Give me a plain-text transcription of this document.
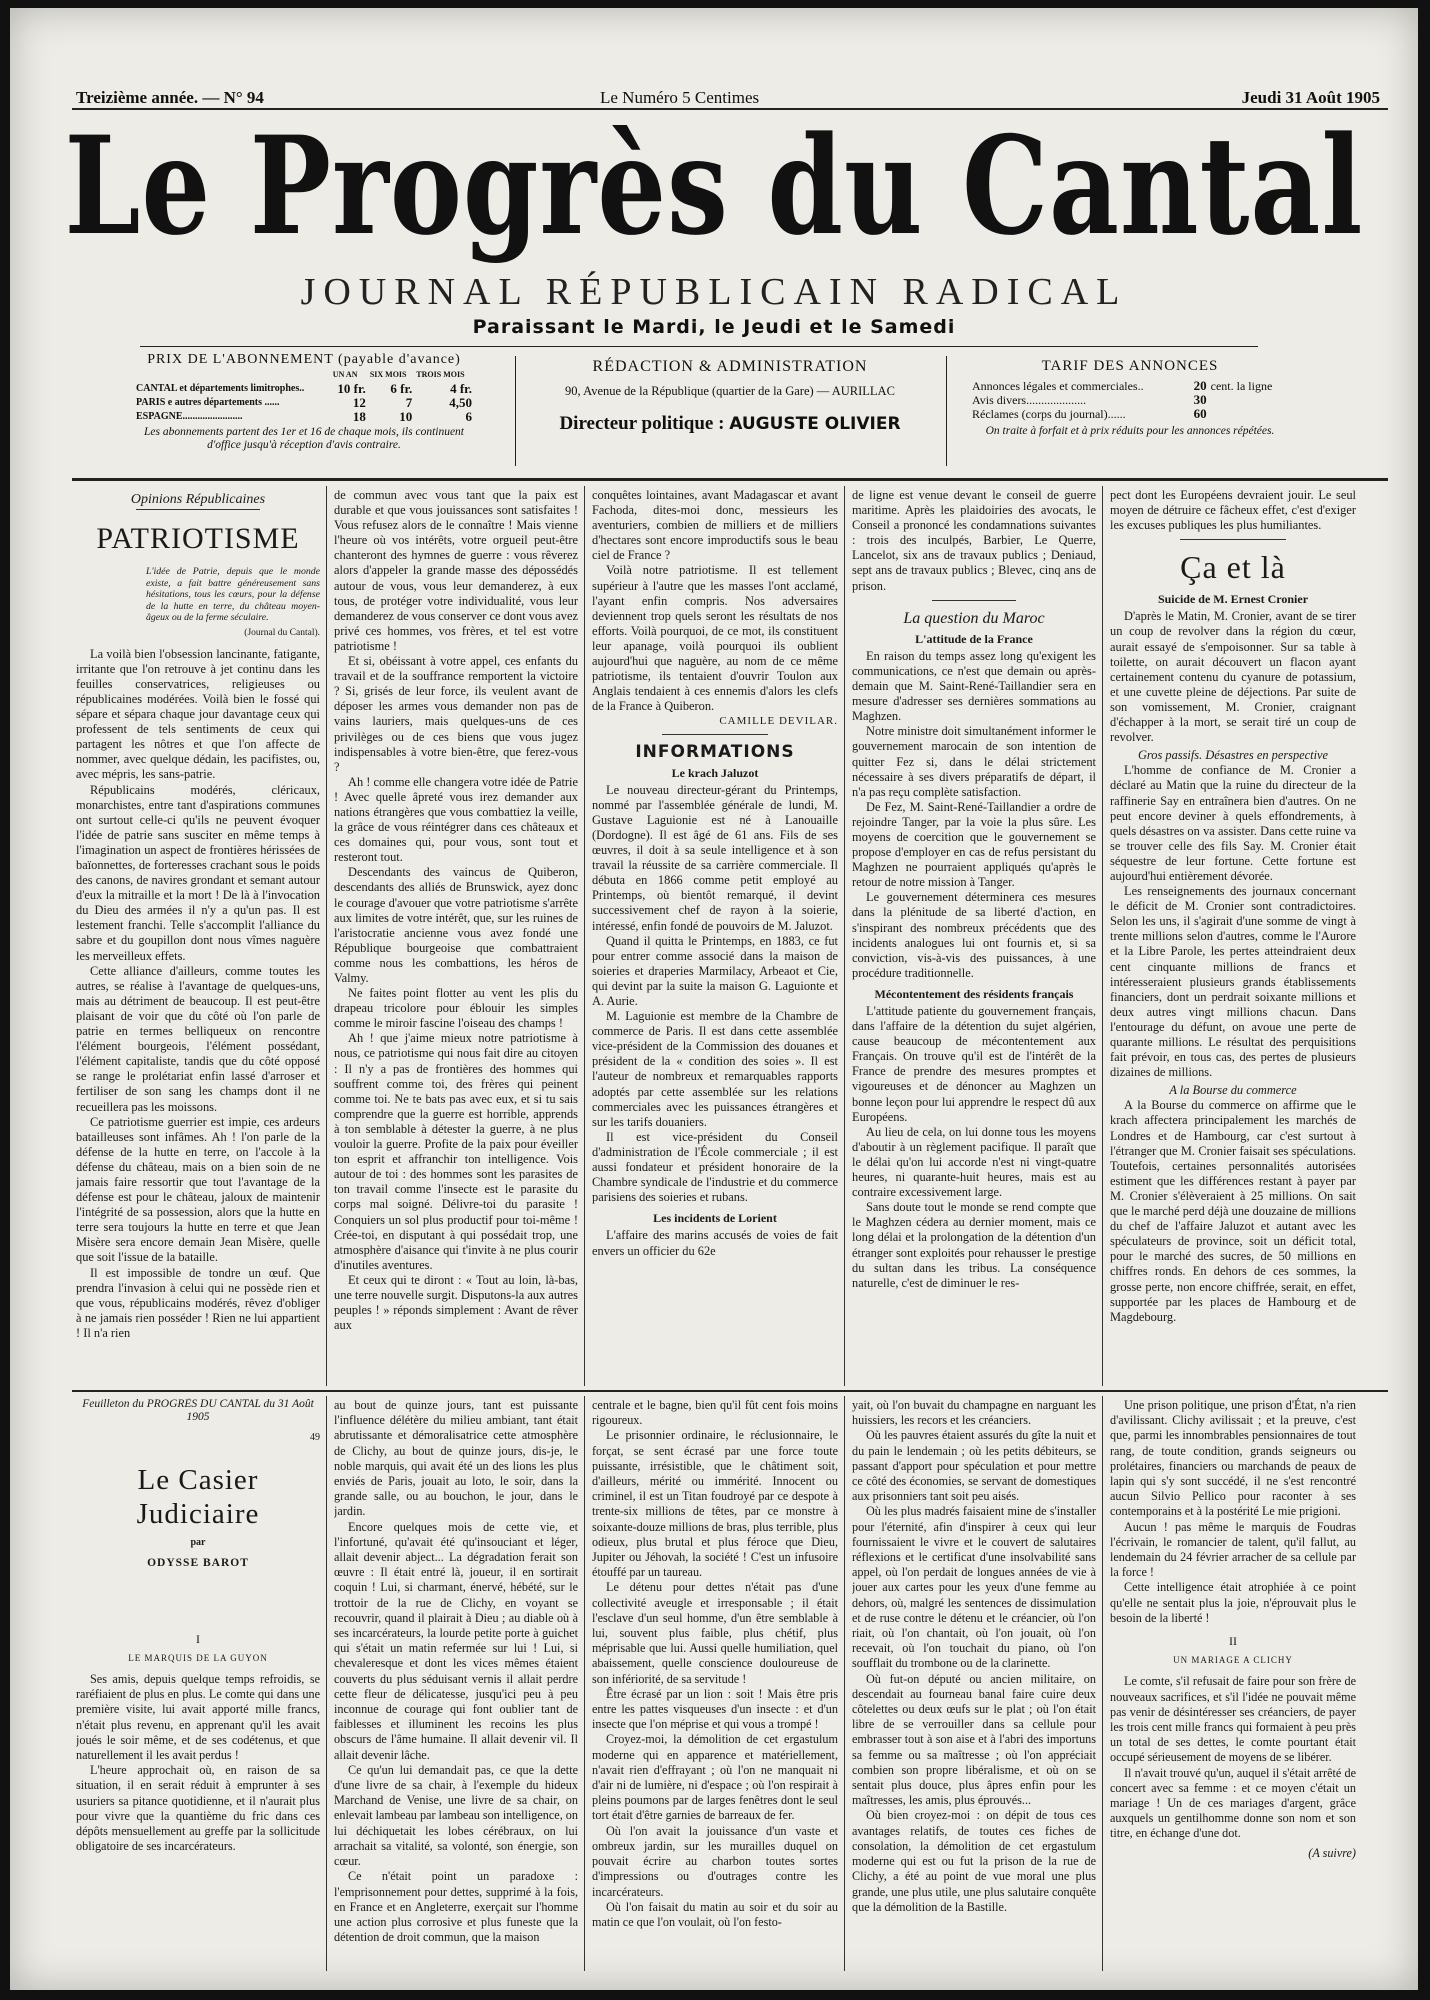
Treizième année. — N° 94	Le Numéro 5 Centimes	Jeudi 31 Août 1905
Le Progrès du Cantal
JOURNAL RÉPUBLICAIN RADICAL
Paraissant le Mardi, le Jeudi et le Samedi
PRIX DE L'ABONNEMENT (payable d'avance)
	UN AN	SIX MOIS	TROIS MOIS
CANTAL et départements limitrophes..	10 fr.	6 fr.	4 fr.
PARIS e autres départements ......	12	7	4,50
ESPAGNE........................	18	10	6
Les abonnements partent des 1er et 16 de chaque mois, ils continuent d'office jusqu'à réception d'avis contraire.
RÉDACTION & ADMINISTRATION
90, Avenue de la République (quartier de la Gare) — AURILLAC
Directeur politique : AUGUSTE OLIVIER
TARIF DES ANNONCES
Annonces légales et commerciales..	20	cent. la ligne
Avis divers....................	30	
Réclames (corps du journal)......	60	
On traite à forfait et à prix réduits pour les annonces répétées.
Opinions Républicaines
PATRIOTISME
L'idée de Patrie, depuis que le monde existe, a fait battre généreusement sans hésitations, tous les cœurs, pour la défense de la hutte en terre, du château moyen-âgeux ou de la ferme séculaire.
(Journal du Cantal).

La voilà bien l'obsession lancinante, fatigante, irritante que l'on retrouve à jet continu dans les feuilles conservatrices, religieuses ou républicaines modérées. Voilà bien le fossé qui sépare et sépara chaque jour davantage ceux qui professent de tels sentiments de ceux qui partagent les nôtres et que l'on affecte de nommer, avec quelque dédain, les pacifistes, ou, avec mépris, les sans-patrie.

Républicains modérés, cléricaux, monarchistes, entre tant d'aspirations communes ont surtout celle-ci qu'ils ne peuvent évoquer l'idée de patrie sans susciter en même temps à l'imagination un aspect de frontières hérissées de baïonnettes, de forteresses crachant sous le poids des canons, de navires grondant et semant autour d'eux la mitraille et la mort ! De là à l'invocation du Dieu des armées il n'y a qu'un pas. Il est lestement franchi. Telle s'accomplit l'alliance du sabre et du goupillon dont nous vîmes naguère les merveilleux effets.

Cette alliance d'ailleurs, comme toutes les autres, se réalise à l'avantage de quelques-uns, mais au détriment de beaucoup. Il est peut-être plaisant de voir que du côté où l'on parle de patrie en termes belliqueux on rencontre l'élément bourgeois, l'élément possédant, l'élément capitaliste, tandis que du côté opposé se range le prolétariat enfin lassé d'arroser et fertiliser de son sang les champs dont il ne recueillera pas les moissons.

Ce patriotisme guerrier est impie, ces ardeurs batailleuses sont infâmes. Ah ! l'on parle de la défense de la hutte en terre, on l'accole à la défense du château, mais on a bien soin de ne jamais faire ressortir que tout l'avantage de la défense est pour le château, jaloux de maintenir l'intégrité de sa possession, alors que la hutte en terre sera toujours la hutte en terre et que Jean Misère sera encore demain Jean Misère, quelle que soit l'issue de la bataille.

Il est impossible de tondre un œuf. Que prendra l'invasion à celui qui ne possède rien et que vous, républicains modérés, rêvez d'obliger à ne jamais rien posséder ! Rien ne lui appartient ! Il n'a rien

de commun avec vous tant que la paix est durable et que vous jouissances sont satisfaites ! Vous refusez alors de le connaître ! Mais vienne l'heure où vos intérêts, votre orgueil peut-être chanteront des hymnes de guerre : vous rêverez alors d'appeler la grande masse des dépossédés autour de vous, vous leur demanderez, à eux tous, de protéger votre individualité, vous leur demanderez de vous conserver ce dont vous avez privé ces hommes, vos frères, et tel est votre patriotisme !

Et si, obéissant à votre appel, ces enfants du travail et de la souffrance remportent la victoire ? Si, grisés de leur force, ils veulent avant de déposer les armes vous demander non pas de vains lauriers, mais quelques-uns de ces privilèges ou de ces biens que vous jugez indispensables à votre bien-être, que ferez-vous ?

Ah ! comme elle changera votre idée de Patrie ! Avec quelle âpreté vous irez demander aux nations étrangères que vous combattiez la veille, la grâce de vous réintégrer dans ces châteaux et ces domaines qui, pour vous, sont tout et resteront tout.

Descendants des vaincus de Quiberon, descendants des alliés de Brunswick, ayez donc le courage d'avouer que votre patriotisme s'arrête aux limites de votre intérêt, que, sur les ruines de l'aristocratie ancienne vous avez fondé une République bourgeoise que combattraient comme nous les combattions, les héros de Valmy.

Ne faites point flotter au vent les plis du drapeau tricolore pour éblouir les simples comme le miroir fascine l'oiseau des champs !

Ah ! que j'aime mieux notre patriotisme à nous, ce patriotisme qui nous fait dire au citoyen : Il n'y a pas de frontières des hommes qui souffrent comme toi, des frères qui peinent comme toi. Ne te bats pas avec eux, et si tu sais comprendre que la guerre est horrible, apprends à ton semblable à détester la guerre, à ne plus vouloir la guerre. Profite de la paix pour éveiller ton esprit et affranchir ton intelligence. Vois autour de toi : des hommes sont les parasites de ton travail comme l'insecte est le parasite du corps mal soigné. Délivre-toi du parasite ! Conquiers un sol plus productif pour toi-même ! Crée-toi, en disputant à qui possédait trop, une atmosphère d'aisance qui t'invite à ne plus courir d'inutiles aventures.

Et ceux qui te diront : « Tout au loin, là-bas, une terre nouvelle surgit. Disputons-la aux autres peuples ! » réponds simplement : Avant de rêver aux

conquêtes lointaines, avant Madagascar et avant Fachoda, dites-moi donc, messieurs les aventuriers, combien de milliers et de milliers d'hectares sont encore improductifs sous le beau ciel de France ?

Voilà notre patriotisme. Il est tellement supérieur à l'autre que les masses l'ont acclamé, l'ayant enfin compris. Nos adversaires deviennent trop quels seront les résultats de nos efforts. Voilà pourquoi, de ce mot, ils constituent leur apanage, voilà pourquoi ils oublient aujourd'hui que naguère, au nom de ce même patriotisme, ils tentaient d'ouvrir Toulon aux Anglais tendaient à ces ennemis d'alors les clefs de la France à Quiberon.

CAMILLE DEVILAR.
INFORMATIONS
Le krach Jaluzot

Le nouveau directeur-gérant du Printemps, nommé par l'assemblée générale de lundi, M. Gustave Laguionie est né à Lanouaille (Dordogne). Il est âgé de 61 ans. Fils de ses œuvres, il doit à sa seule intelligence et à son travail la réussite de sa carrière commerciale. Il débuta en 1866 comme petit employé au Printemps, où bientôt remarqué, il devint successivement chef de rayon à la soierie, intéressé, enfin fondé de pouvoirs de M. Jaluzot.

Quand il quitta le Printemps, en 1883, ce fut pour entrer comme associé dans la maison de soieries et draperies Marmilacy, Arbeaot et Cie, qui devint par la suite la maison G. Laguionte et A. Aurie.

M. Laguionie est membre de la Chambre de commerce de Paris. Il est dans cette assemblée vice-président de la Commission des douanes et président de la « condition des soies ». Il est l'auteur de nombreux et remarquables rapports adoptés par cette assemblée sur les relations commerciales avec les puissances étrangères et sur les tarifs douaniers.

Il est vice-président du Conseil d'administration de l'École commerciale ; il est aussi fondateur et président honoraire de la Chambre syndicale de l'industrie et du commerce parisiens des soieries et rubans.

Les incidents de Lorient

L'affaire des marins accusés de voies de fait envers un officier du 62e

de ligne est venue devant le conseil de guerre maritime. Après les plaidoiries des avocats, le Conseil a prononcé les condamnations suivantes : trois des inculpés, Barbier, Le Querre, Lancelot, six ans de travaux publics ; Deniaud, sept ans de travaux publics ; Blevec, cinq ans de prison.

La question du Maroc
L'attitude de la France

En raison du temps assez long qu'exigent les communications, ce n'est que demain ou après-demain que M. Saint-René-Taillandier sera en mesure d'adresser ses dernières sommations au Maghzen.

Notre ministre doit simultanément informer le gouvernement marocain de son intention de quitter Fez si, dans le délai strictement nécessaire à ses divers préparatifs de départ, il n'a pas reçu complète satisfaction.

De Fez, M. Saint-René-Taillandier a ordre de rejoindre Tanger, par la voie la plus sûre. Les moyens de coercition que le gouvernement se propose d'employer en cas de refus persistant du Maghzen ne pourraient appliqués qu'après le retour de notre mission à Tanger.

Le gouvernement déterminera ces mesures dans la plénitude de sa liberté d'action, en s'inspirant des nombreux précédents que des incidents analogues lui ont fournis et, si sa conviction, vis-à-vis des puissances, à une procédure traditionnelle.

Mécontentement des résidents français

L'attitude patiente du gouvernement français, dans l'affaire de la détention du sujet algérien, cause beaucoup de mécontentement aux Français. On trouve qu'il est de l'intérêt de la France de prendre des mesures promptes et vigoureuses et de dénoncer au Maghzen un bonne leçon pour lui apprendre le respect dû aux Européens.

Au lieu de cela, on lui donne tous les moyens d'aboutir à un règlement pacifique. Il paraît que le délai qu'on lui accorde n'est ni vingt-quatre heures, ni quarante-huit heures, mais est au contraire excessivement large.

Sans doute tout le monde se rend compte que le Maghzen cédera au dernier moment, mais ce long délai et la prolongation de la détention d'un étranger sont exploités pour rehausser le prestige du sultan dans les tribus. La conséquence naturelle, c'est de diminuer le res-

pect dont les Européens devraient jouir. Le seul moyen de détruire ce fâcheux effet, c'est d'exiger les excuses publiques les plus humiliantes.

Ça et là
Suicide de M. Ernest Cronier

D'après le Matin, M. Cronier, avant de se tirer un coup de revolver dans la région du cœur, aurait essayé de s'empoisonner. Sur sa table à toilette, on aurait découvert un flacon ayant certainement contenu du cyanure de potassium, et une cuvette pleine de déjections. Par suite de son vomissement, M. Cronier, craignant d'échapper à la mort, se serait tiré un coup de revolver.

Gros passifs. Désastres en perspective

L'homme de confiance de M. Cronier a déclaré au Matin que la ruine du directeur de la raffinerie Say en entraînera bien d'autres. On ne peut encore deviner à quels effondrements, à quels désastres on va assister. Dans cette ruine va se trouver celle des fils Say. M. Cronier était séquestre de leur fortune. Cette fortune est aujourd'hui entièrement dévorée.

Les renseignements des journaux concernant le déficit de M. Cronier sont contradictoires. Selon les uns, il s'agirait d'une somme de vingt à trente millions selon d'autres, comme le l'Aurore et la Libre Parole, les pertes atteindraient deux cent cinquante millions de francs et intéresseraient plusieurs grands établissements financiers, dont un perdrait soixante millions et deux autres vingt millions chacun. Dans l'entourage du défunt, on avoue une perte de quarante millions. Le résultat des perquisitions fait prévoir, en tous cas, des pertes de plusieurs dizaines de millions.

A la Bourse du commerce

A la Bourse du commerce on affirme que le krach affectera principalement les marchés de Londres et de Hambourg, car c'est surtout à l'étranger que M. Cronier faisait ses spéculations. Toutefois, certaines personnalités autorisées estiment que les différences restant à payer par M. Cronier s'élèveraient à 25 millions. On sait que le marché perd déjà une douzaine de millions du chef de l'affaire Jaluzot et autant avec les spéculateurs de province, soit un déficit total, pour le marché des sucres, de 50 millions en chiffres ronds. En dehors de ces sommes, la grosse perte, non encore chiffrée, serait, en effet, supportée par les places de Hambourg et de Magdebourg.

Feuilleton du PROGRÈS DU CANTAL du 31 Août 1905
49
Le Casier Judiciaire
par
ODYSSE BAROT
I
LE MARQUIS DE LA GUYON

Ses amis, depuis quelque temps refroidis, se raréfiaient de plus en plus. Le comte qui dans une première visite, lui avait apporté mille francs, n'était plus revenu, en apprenant qu'il les avait joués le soir même, et de ses codétenus, et que naturellement il les avait perdus !

L'heure approchait où, en raison de sa situation, il en serait réduit à emprunter à ses usuriers sa pitance quotidienne, et il n'aurait plus pour vivre que la quantième du fric dans ces dépôts mensuellement au greffe par la sollicitude obligatoire de ses incarcérateurs.

au bout de quinze jours, tant est puissante l'influence délétère du milieu ambiant, tant était abrutissante et démoralisatrice cette atmosphère de Clichy, au bout de quinze jours, dis-je, le noble marquis, qui avait été un des lions les plus enviés de Paris, jouait au loto, le soir, dans la grande salle, ou au bouchon, le jour, dans le jardin.

Encore quelques mois de cette vie, et l'infortuné, qu'avait été qu'insouciant et léger, allait devenir abject... La dégradation ferait son œuvre : Il était entré là, joueur, il en sortirait coquin ! Lui, si charmant, énervé, hébété, sur le trottoir de la rue de Clichy, en voyant se recouvrir, quand il plairait à Dieu ; au diable où à ses incarcérateurs, la lourde petite porte à guichet qui s'était un matin refermée sur lui ! Lui, si chevaleresque et dont les vices mêmes étaient couverts du plus séduisant vernis il allait perdre cette fleur de délicatesse, jusqu'ici peu à peu inconnue de courage qui font oublier tant de faiblesses et illuminent les recoins les plus obscurs de l'âme humaine. Il allait devenir vil. Il allait devenir lâche.

Ce qu'un lui demandait pas, ce que la dette d'une livre de sa chair, à l'exemple du hideux Marchand de Venise, une livre de sa chair, on enlevait lambeau par lambeau son intelligence, on lui déchiquetait les lobes cérébraux, on lui arrachait sa vitalité, sa volonté, son énergie, son cœur.

Ce n'était point un paradoxe : l'emprisonnement pour dettes, supprimé à la fois, en France et en Angleterre, exerçait sur l'homme une action plus corrosive et plus funeste que la détention de droit commun, que la maison

centrale et le bagne, bien qu'il fût cent fois moins rigoureux.

Le prisonnier ordinaire, le réclusionnaire, le forçat, se sent écrasé par une force toute puissante, irrésistible, que le châtiment soit, d'ailleurs, mérité ou immérité. Innocent ou criminel, il est un Titan foudroyé par ce despote à trente-six millions de têtes, par ce monstre à soixante-douze millions de bras, plus terrible, plus odieux, plus brutal et plus féroce que Dieu, Jupiter ou Jéhovah, la société ! C'est un infusoire étouffé par un taureau.

Le détenu pour dettes n'était pas d'une collectivité aveugle et irresponsable ; il était l'esclave d'un seul homme, d'un être semblable à lui, souvent plus faible, plus chétif, plus méprisable que lui. Aussi quelle humiliation, quel abaissement, quelle conscience douloureuse de son infériorité, de sa servitude !

Être écrasé par un lion : soit ! Mais être pris entre les pattes visqueuses d'un insecte : et d'un insecte que l'on méprise et qui vous a trompé !

Croyez-moi, la démolition de cet ergastulum moderne qui en apparence et matériellement, n'avait rien d'effrayant ; où l'on ne manquait ni d'air ni de lumière, ni d'espace ; où l'on respirait à pleins poumons par de larges fenêtres dont le seul tort était d'être garnies de barreaux de fer.

Où l'on avait la jouissance d'un vaste et ombreux jardin, sur les murailles duquel on pouvait écrire au charbon toutes sortes d'impressions ou d'outrages contre les incarcérateurs.

Où l'on faisait du matin au soir et du soir au matin ce que l'on voulait, où l'on festo-

yait, où l'on buvait du champagne en narguant les huissiers, les recors et les créanciers.

Où les pauvres étaient assurés du gîte la nuit et du pain le lendemain ; où les petits débiteurs, se passant d'apport pour spéculation et pour mettre ce côté des économies, se servant de domestiques aux prisonniers tant soit peu aisés.

Où les plus madrés faisaient mine de s'installer pour l'éternité, afin d'inspirer à ceux qui leur fournissaient le vivre et le couvert de salutaires réflexions et le certificat d'une insolvabilité sans appel, où l'on perdait de longues années de vie à jouer aux cartes pour les yeux d'une femme au dehors, où, malgré les sentences de dissimulation et de ruse contre le détenu et le créancier, où l'on riait, où l'on chantait, où l'on jouait, où l'on recevait, où l'on touchait du piano, où l'on soufflait du trombone ou de la clarinette.

Où fut-on député ou ancien militaire, on descendait au fourneau banal faire cuire deux côtelettes ou deux œufs sur le plat ; où l'on était libre de se verrouiller dans sa cellule pour embrasser tout à son aise et à l'abri des importuns sa femme ou sa maîtresse ; où l'on appréciait combien son propre libéralisme, et où on se sentait plus douce, plus âpres enfin pour les maîtresses, les amis, plus éprouvés...

Où bien croyez-moi : on dépit de tous ces avantages relatifs, de toutes ces fiches de consolation, la démolition de cet ergastulum moderne qui est ou fut la prison de la rue de Clichy, a été au point de vue moral une plus grande, une plus utile, une plus salutaire conquête que la démolition de la Bastille.

Une prison politique, une prison d'État, n'a rien d'avilissant. Clichy avilissait ; et la preuve, c'est que, parmi les innombrables pensionnaires de tout rang, de toute condition, grands seigneurs ou prolétaires, financiers ou marchands de peaux de lapin qui s'y sont succédé, il ne s'est rencontré aucun Silvio Pellico pour raconter à ses contemporains et à la postérité Le mie prigioni.

Aucun ! pas même le marquis de Foudras l'écrivain, le romancier de talent, qu'il fallut, au lendemain du 24 février arracher de sa cellule par la force !

Cette intelligence était atrophiée à ce point qu'elle ne sentait plus la joie, n'éprouvait plus le besoin de la liberté !

II
UN MARIAGE A CLICHY

Le comte, s'il refusait de faire pour son frère de nouveaux sacrifices, et s'il l'idée ne pouvait même pas venir de désintéresser ses créanciers, de payer les trois cent mille francs qui formaient à peu près un total de ses dettes, le comte pourtant était occupé sérieusement de moyens de se libérer.

Il n'avait trouvé qu'un, auquel il s'était arrêté de concert avec sa femme : et ce moyen c'était un mariage ! Un de ces mariages d'argent, grâce auxquels un gentilhomme donne son nom et son titre, en échange d'une dot.

(A suivre)
